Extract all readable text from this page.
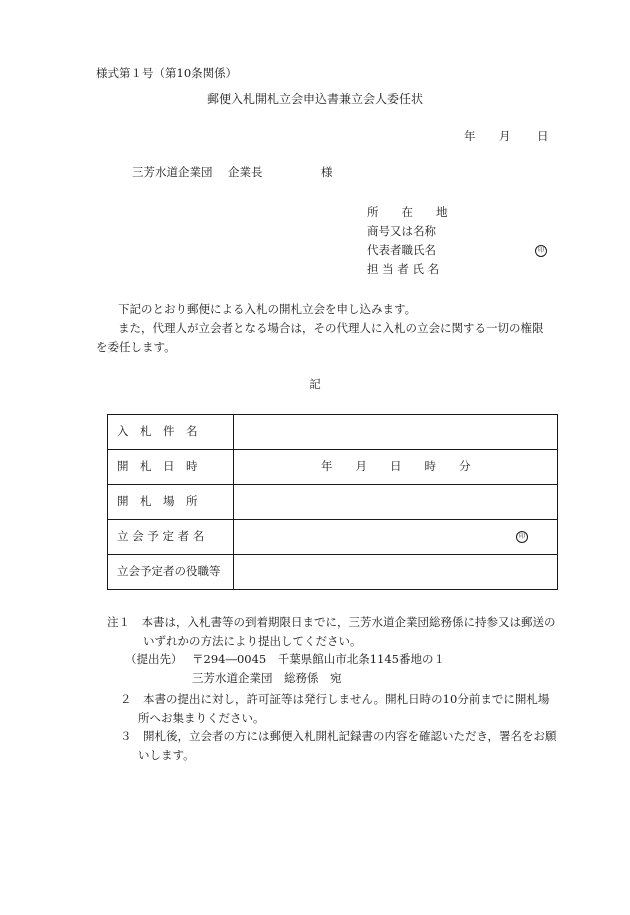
様式第１号（第10条関係）
郵便入札開札立会申込書兼立会人委任状
年 月 日
三芳水道企業団 企業長	様
所　　在　　地
商号又は名称
代表者職氏名	印
担 当 者 氏 名
下記のとおり郵便による入札の開札立会を申し込みます。
また，代理人が立会者となる場合は，その代理人に入札の立会に関する一切の権限を委任します。
記
入　札　件　名	
開　札　日　時	年　　月　　日　　時　　分
開　札　場　所	
立 会 予 定 者 名	印

立会予定者の役職等	
注１　本書は，入札書等の到着期限日までに，三芳水道企業団総務係に持参又は郵送のいずれかの方法により提出してください。
（提出先） 〒294―0045　千葉県館山市北条1145番地の１
三芳水道企業団　総務係　宛
２　本書の提出に対し，許可証等は発行しません。開札日時の10分前までに開札場所へお集まりください。
３　開札後，立会者の方には郵便入札開札記録書の内容を確認いただき，署名をお願いします。
